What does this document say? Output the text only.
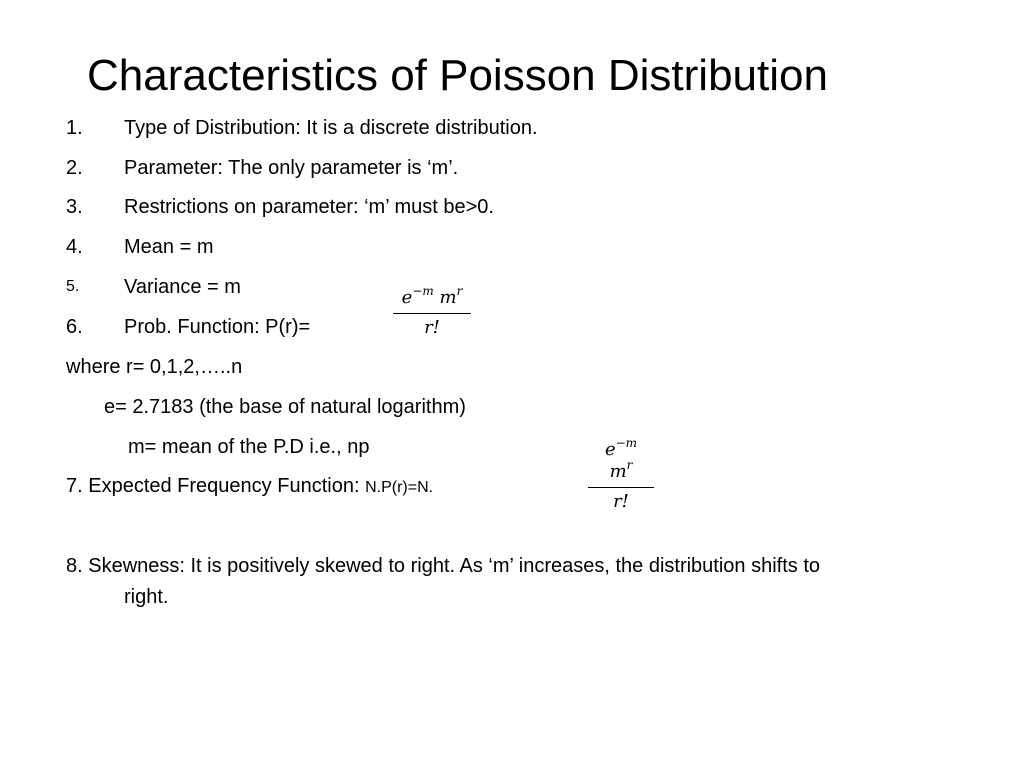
Characteristics of Poisson Distribution
1. Type of Distribution: It is a discrete distribution.
2. Parameter: The only parameter is ‘m’.
3. Restrictions on parameter: ‘m’ must be>0.
4. Mean = m
5. Variance = m
6. Prob. Function: P(r)=
$e^{-m}$ $m^r$
r!
where r= 0,1,2,…..n
e= 2.7183 (the base of natural logarithm)
m= mean of the P.D i.e., np	$e^{-m}$ $m^r$
r!
7. Expected Frequency Function: N.P(r)=N.
8. Skewness: It is positively skewed to right. As ‘m’ increases, the distribution shifts to
right.
